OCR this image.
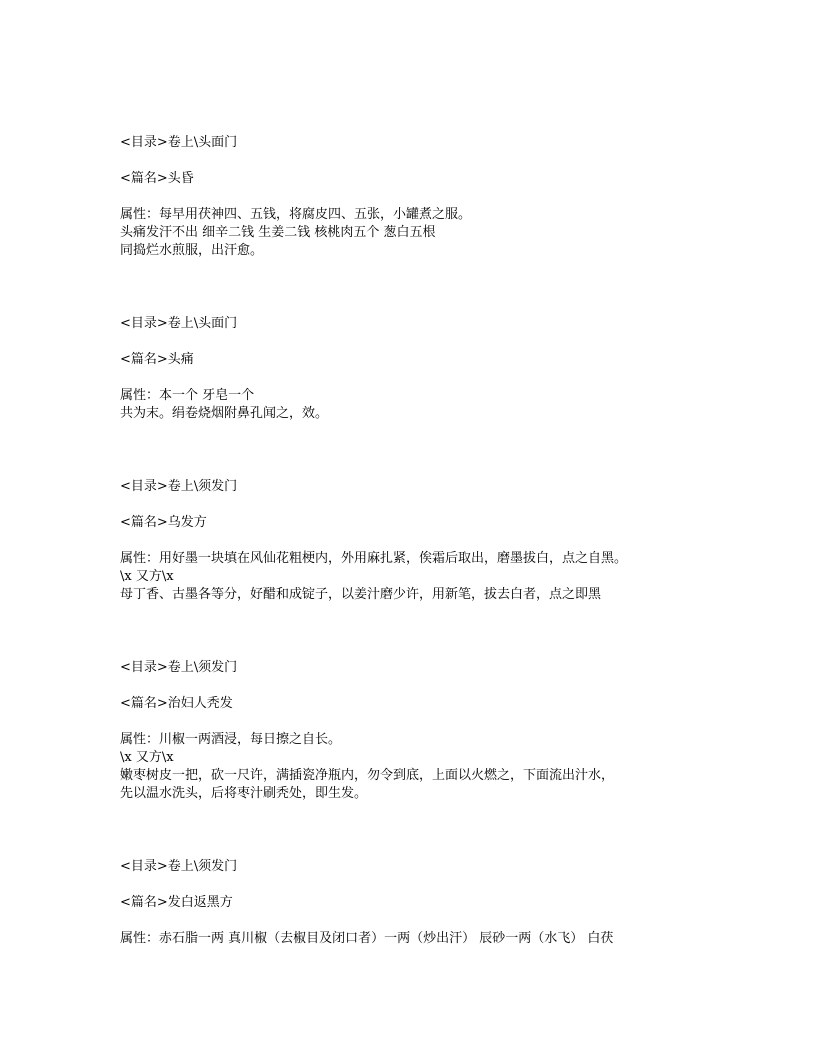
<目录>卷上\头面门
<篇名>头昏
属性：每早用茯神四、五钱，将腐皮四、五张，小罐煮之服。
头痛发汗不出 细辛二钱 生姜二钱 核桃肉五个 葱白五根
同捣烂水煎服，出汗愈。
<目录>卷上\头面门
<篇名>头痛
属性：本一个 牙皂一个
共为末。绢卷烧烟附鼻孔闻之，效。
<目录>卷上\须发门
<篇名>乌发方
属性：用好墨一块填在风仙花粗梗内，外用麻扎紧，俟霜后取出，磨墨拔白，点之自黑。
\x 又方\x
母丁香、古墨各等分，好醋和成锭子，以姜汁磨少许，用新笔，拔去白者，点之即黑
<目录>卷上\须发门
<篇名>治妇人秃发
属性：川椒一两酒浸，每日擦之自长。
\x 又方\x
嫩枣树皮一把，砍一尺许，满插瓷净瓶内，勿令到底，上面以火燃之，下面流出汁水，
先以温水洗头，后将枣汁刷秃处，即生发。
<目录>卷上\须发门
<篇名>发白返黑方
属性：赤石脂一两 真川椒（去椒目及闭口者）一两（炒出汗） 辰砂一两（水飞） 白茯
